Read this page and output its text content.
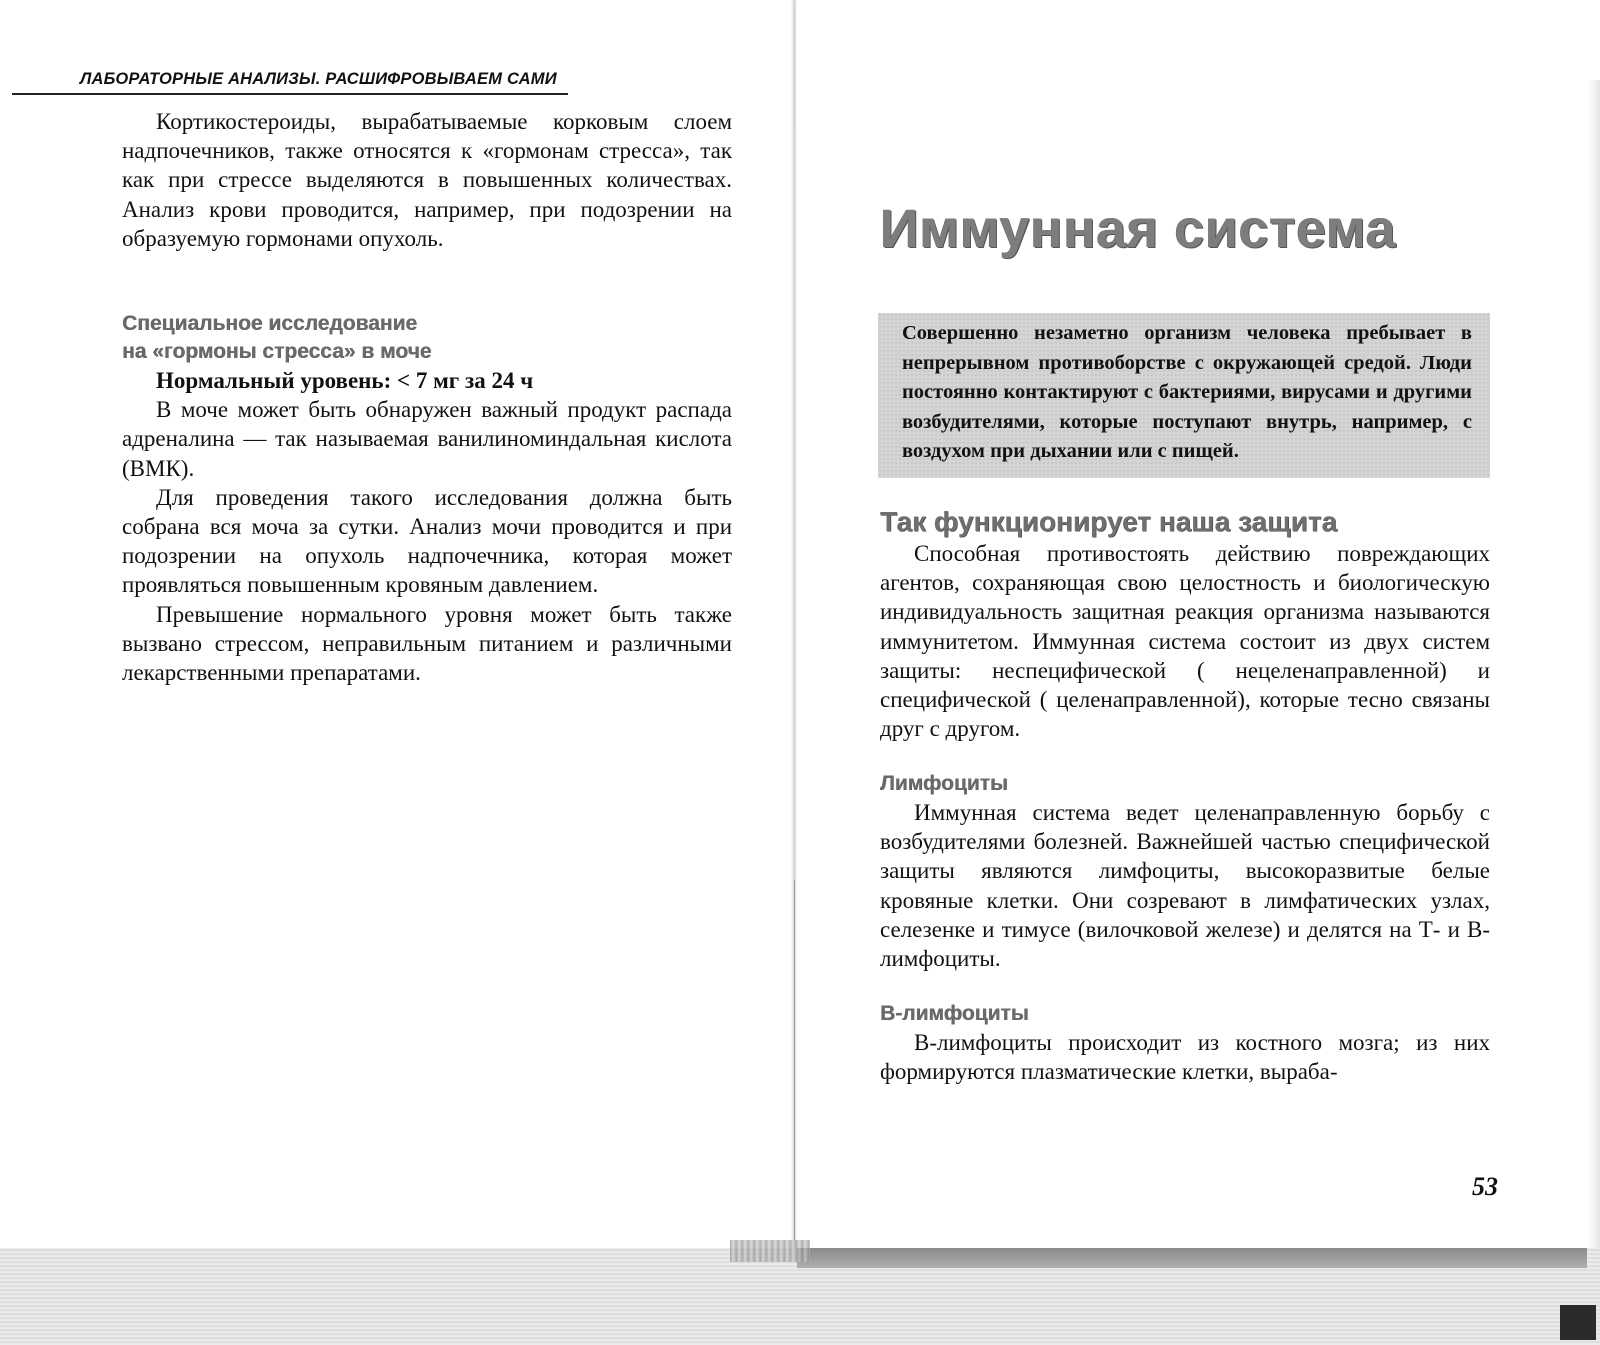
ЛАБОРАТОРНЫЕ АНАЛИЗЫ. РАСШИФРОВЫВАЕМ САМИ

Кортикостероиды, вырабатываемые корковым слоем надпочечников, также относятся к «гормонам стресса», так как при стрессе выделяются в повышенных количествах. Анализ крови проводится, например, при подозрении на образуемую гормонами опухоль.

Специальное исследование
на «гормоны стресса» в моче

Нормальный уровень: < 7 мг за 24 ч

В моче может быть обнаружен важный продукт распада адреналина — так называемая ванилиноминдальная кислота (ВМК).

Для проведения такого исследования должна быть собрана вся моча за сутки. Анализ мочи проводится и при подозрении на опухоль надпочечника, которая может проявляться повышенным кровяным давлением.

Превышение нормального уровня может быть также вызвано стрессом, неправильным питанием и различными лекарственными препаратами.

Иммунная система

Совершенно незаметно организм человека пребывает в непрерывном противоборстве с окружающей средой. Люди постоянно контактируют с бактериями, вирусами и другими возбудителями, которые поступают внутрь, например, с воздухом при дыхании или с пищей.

Так функционирует наша защита

Способная противостоять действию повреждающих агентов, сохраняющая свою целостность и биологическую индивидуальность защитная реакция организма называются иммунитетом. Иммунная система состоит из двух систем защиты: неспецифической ( нецеленаправленной) и специфической ( целенаправленной), которые тесно связаны друг с другом.

Лимфоциты

Иммунная система ведет целенаправленную борьбу с возбудителями болезней. Важнейшей частью специфической защиты являются лимфоциты, высокоразвитые белые кровяные клетки. Они созревают в лимфатических узлах, селезенке и тимусе (вилочковой железе) и делятся на Т- и В-лимфоциты.

В-лимфоциты

В-лимфоциты происходит из костного мозга; из них формируются плазматические клетки, выраба-

53
